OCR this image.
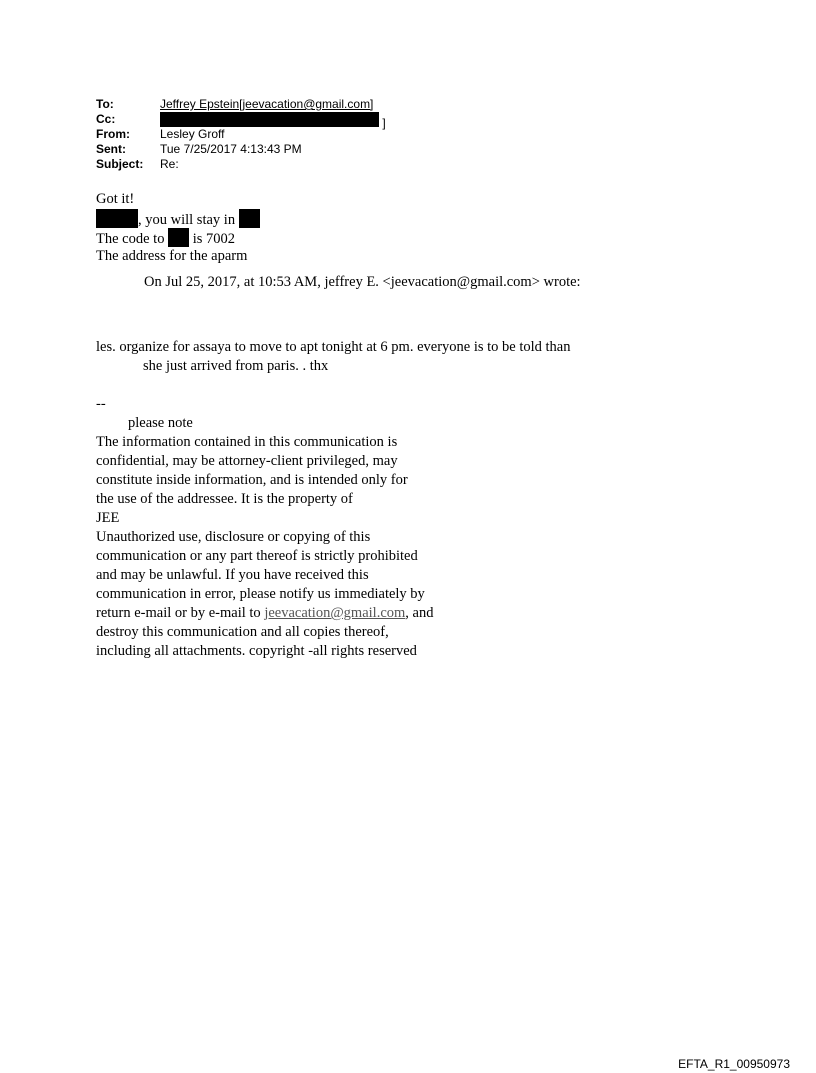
To:	Jeffrey Epstein[jeevacation@gmail.com]
Cc:	]
From:	Lesley Groff
Sent:	Tue 7/25/2017 4:13:43 PM
Subject:	Re:
Got it!
, you will stay in
The code to is 7002
The address for the aparm
On Jul 25, 2017, at 10:53 AM, jeffrey E. <jeevacation@gmail.com> wrote:
les. organize for assaya to move to apt tonight at 6 pm. everyone is to be told than
she just arrived from paris. . thx
--
please note
The information contained in this communication is
confidential, may be attorney-client privileged, may
constitute inside information, and is intended only for
the use of the addressee. It is the property of
JEE
Unauthorized use, disclosure or copying of this
communication or any part thereof is strictly prohibited
and may be unlawful. If you have received this
communication in error, please notify us immediately by
return e-mail or by e-mail to jeevacation@gmail.com, and
destroy this communication and all copies thereof,
including all attachments. copyright -all rights reserved
EFTA_R1_00950973
